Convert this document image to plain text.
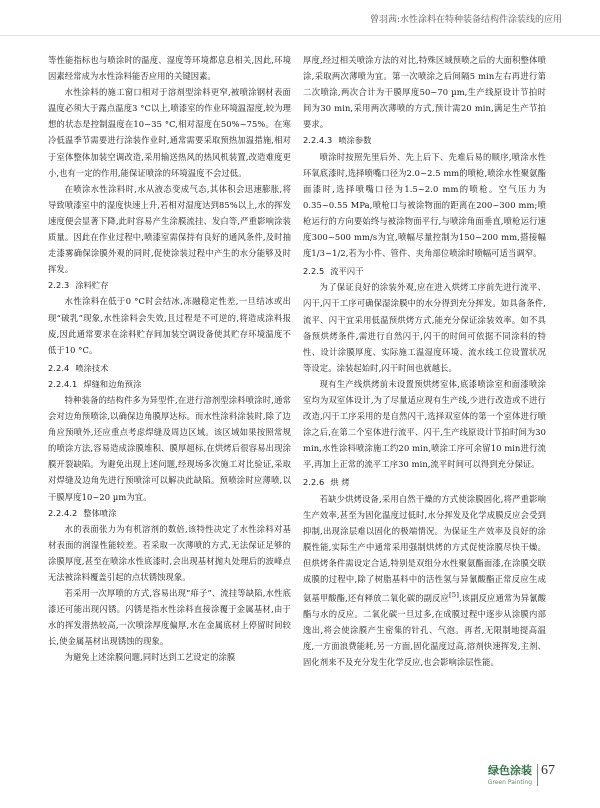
曾羽茜:水性涂料在特种装备结构件涂装线的应用

等性能指标也与喷涂时的温度、湿度等环境都息息相关,因此,环境因素经常成为水性涂料能否应用的关键因素。

水性涂料的施工窗口相对于溶剂型涂料更窄,被喷涂钢材表面温度必须大于露点温度3 °C以上,喷漆室的作业环境温湿度,较为理想的状态是控制温度在10~35 °C,相对湿度在50%~75%。在寒冷低温季节需要进行涂装作业时,通常需要采取预热加温措施,相对于室体整体加装空调改造,采用输送热风的热风机装置,改造难度更小,也有一定的作用,能保证喷涂的环境温度不会过低。

在喷涂水性涂料时,水从液态变成气态,其体积会迅速膨胀,将导致喷漆室中的湿度快速上升,若相对湿度达到85%以上,水的挥发速度便会显著下降,此时容易产生涂膜流挂、发白等,严重影响涂装质量。因此在作业过程中,喷漆室需保持有良好的通风条件,及时抽走漆雾确保涂膜外观的同时,促使涂装过程中产生的水分能够及时挥发。

2.2.3 涂料贮存

水性涂料在低于0 °C时会结冰,冻融稳定性差,一旦结冰或出现“破乳”现象,水性涂料会失效,且过程是不可逆的,将造成涂料报废,因此通常要求在涂料贮存间加装空调设备使其贮存环境温度不低于10 °C。

2.2.4 喷涂技术
2.2.4.1 焊缝和边角预涂

特种装备的结构件多为异型件,在进行溶剂型涂料喷涂时,通常会对边角预喷涂,以确保边角膜厚达标。而水性涂料涂装时,除了边角应预喷外,还应重点考虑焊缝及周边区域。该区域如果按照常规的喷涂方法,容易造成涂膜堆积、膜厚超标,在烘烤后很容易出现涂膜开裂缺陷。为避免出现上述问题,经现场多次施工对比验证,采取对焊缝及边角先进行预喷涂可以解决此缺陷。预喷涂时应薄喷,以干膜厚度10~20 µm为宜。

2.2.4.2 整体喷涂

水的表面张力为有机溶剂的数倍,该特性决定了水性涂料对基材表面的润湿性能较差。若采取一次薄喷的方式,无法保证足够的涂膜厚度,甚至在喷涂水性底漆时,会出现基材抛丸处理后的波峰点无法被涂料覆盖引起的点状锈蚀现象。

若采用一次厚喷的方式,容易出现“痱子”、流挂等缺陷,水性底漆还可能出现闪锈。闪锈是指水性涂料直接涂覆于金属基材,由于水的挥发潜热较高,一次喷涂厚度偏厚,水在金属底材上停留时间较长,使金属基材出现锈蚀的现象。

为避免上述涂膜问题,同时达到工艺设定的涂膜

厚度,经过相关喷涂方法的对比,特殊区域预喷之后的大面积整体喷涂,采取两次薄喷为宜。第一次喷涂之后间隔5 min左右再进行第二次喷涂,两次合计为干膜厚度50~70 µm,生产线原设计节拍时间为30 min,采用两次薄喷的方式,预计需20 min,满足生产节拍要求。

2.2.4.3 喷涂参数

喷涂时按照先里后外、先上后下、先难后易的顺序,喷涂水性环氧底漆时,选择喷嘴口径为2.0~2.5 mm的喷枪,喷涂水性聚氨酯面漆时,选择喷嘴口径为1.5~2.0 mm的喷枪。空气压力为0.35~0.55 MPa,喷枪口与被涂物面的距离在200~300 mm;喷枪运行的方向要始终与被涂物面平行,与喷涂角面垂直,喷枪运行速度300~500 mm/s为宜,喷幅尽量控制为150~200 mm,搭接幅度1/3~1/2,若为小件、管件、夹角部位喷涂时喷幅可适当调窄。

2.2.5 流平闪干

为了保证良好的涂装外观,应在进入烘烤工序前先进行流平、闪干,闪干工序可确保湿涂膜中的水分得到充分挥发。如具备条件,流平、闪干宜采用低温预烘烤方式,能充分保证涂装效率。如不具备预烘烤条件,需进行自然闪干,闪干的时间可依据不同涂料的特性、设计涂膜厚度、实际施工温湿度环境、流水线工位设置状况等设定。涂装起始时,闪干时间也就越长。

现有生产线烘烤前未设置预烘烤室体,底漆喷涂室和面漆喷涂室均为双室体设计,为了尽量适应现有生产线,少进行改造或不进行改造,闪干工序采用的是自然闪干,选择双室体的第一个室体进行喷涂之后,在第二个室体进行流平、闪干,生产线原设计节拍时间为30 min,水性涂料喷涂施工约20 min,喷涂工序可余留10 min进行流平,再加上正常的流平工序30 min,流平时间可以得到充分保证。

2.2.6 烘 烤

若缺少烘烤设备,采用自然干燥的方式使涂膜固化,将严重影响生产效率,甚至为固化温度过低时,水分挥发及化学成膜反应会受到抑制,出现涂层难以固化的极端情况。为保证生产效率及良好的涂膜性能,实际生产中通常采用强制烘烤的方式促使涂膜尽快干燥。但烘烤条件需设定合适,特别是双组分水性聚氨酯面漆,在涂膜交联成膜的过程中,除了树脂基料中的活性氢与异氰酸酯正常反应生成氨基甲酸酯,还有释放二氧化碳的副反应[5],该副反应通常为异氰酸酯与水的反应。二氧化碳一旦过多,在成膜过程中逐步从涂膜内部逸出,将会使涂膜产生密集的针孔、气泡。再者,无限制地提高温度,一方面浪费能耗,另一方面,固化温度过高,溶剂快速挥发,主剂、固化剂来不及充分发生化学反应,也会影响涂层性能。

绿色涂装
Green Painting
67
